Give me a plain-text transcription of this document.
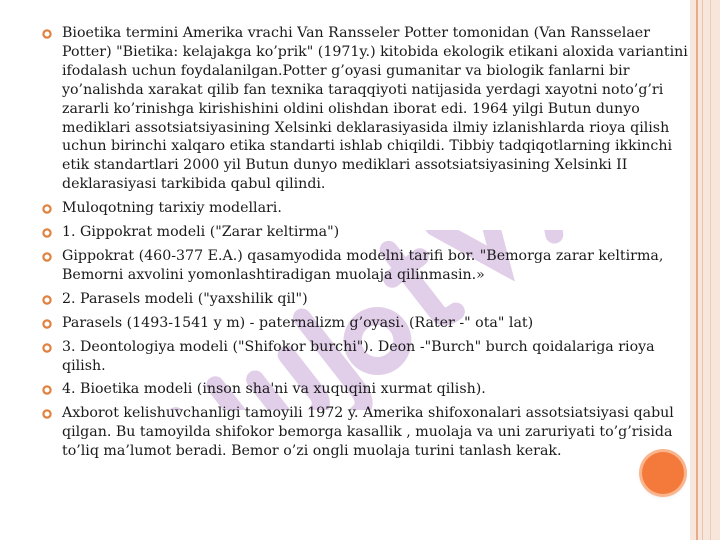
Bioetika termini Amerika vrachi Van Ransseler Potter tomonidan (Van Ransselaer Potter) "Bietika: kelajakga ko’prik" (1971y.) kitobida ekologik etikani aloxida variantini ifodalash uchun foydalanilgan.Potter g’oyasi gumanitar va biologik fanlarni bir yo’nalishda xarakat qilib fan texnika taraqqiyoti natijasida yerdagi xayotni noto’g’ri zararli ko’rinishga kirishishini oldini olishdan iborat edi. 1964 yilgi Butun dunyo mediklari assotsiatsiyasining Xelsinki deklarasiyasida ilmiy izlanishlarda rioya qilish uchun birinchi xalqaro etika standarti ishlab chiqildi. Tibbiy tadqiqotlarning ikkinchi etik standartlari 2000 yil Butun dunyo mediklari assotsiatsiyasining Xelsinki II deklarasiyasi tarkibida qabul qilindi.
Muloqotning tarixiy modellari.
1. Gippokrat modeli ("Zarar keltirma")
Gippokrat (460-377 E.A.) qasamyodida modelni tarifi bor. "Bemorga zarar keltirma, Bemorni axvolini yomonlashtiradigan muolaja qilinmasin.»
2. Parasels modeli ("yaxshilik qil")
Parasels (1493-1541 y m) - paternalizm g’oyasi. (Rater -" ota" lat)
3. Deontologiya modeli ("Shifokor burchi"). Deon -"Burch" burch qoidalariga rioya qilish.
4. Bioetika modeli (inson sha'ni va xuquqini xurmat qilish).
Axborot kelishuvchanligi tamoyili 1972 y. Amerika shifoxonalari assotsiatsiyasi qabul qilgan. Bu tamoyilda shifokor bemorga kasallik , muolaja va uni zaruriyati to’g’risida to’liq ma’lumot beradi. Bemor o’zi ongli muolaja turini tanlash kerak.
